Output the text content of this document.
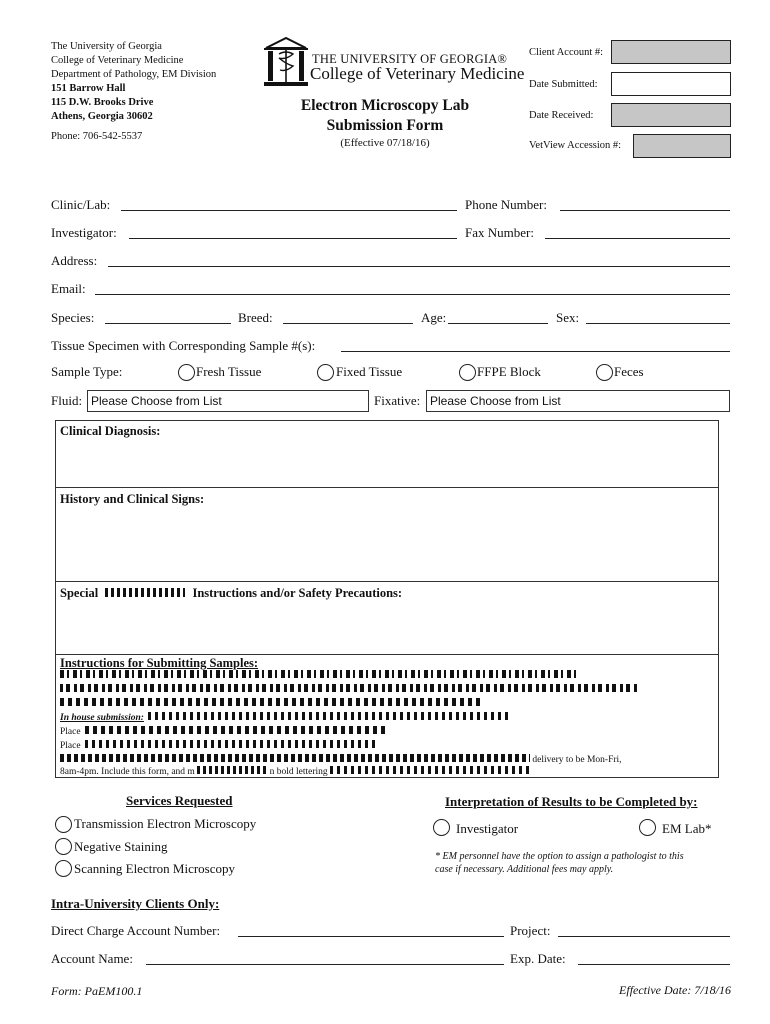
The University of Georgia
College of Veterinary Medicine
Department of Pathology, EM Division
151 Barrow Hall
115 D.W. Brooks Drive
Athens, Georgia 30602
Phone: 706-542-5537
THE UNIVERSITY OF GEORGIA®
College of Veterinary Medicine
Electron Microscopy Lab
Submission Form
(Effective 07/18/16)
Client Account #:
Date Submitted:
Date Received:
VetView Accession #:
Clinic/Lab:	Phone Number:
Investigator:	Fax Number:
Address:
Email:
Species:	Breed:	Age:	Sex:
Tissue Specimen with Corresponding Sample #(s):
Sample Type:	Fresh Tissue	Fixed Tissue	FFPE Block	Feces
Fluid: Please Choose from List	Fixative: Please Choose from List
Clinical Diagnosis:
History and Clinical Signs:
Special	Instructions and/or Safety Precautions:
Instructions for Submitting Samples:
In house submission:
Place
Place
delivery to be Mon-Fri,
8am-4pm. Include this form, and m	n bold lettering
Services Requested
Transmission Electron Microscopy
Negative Staining
Scanning Electron Microscopy
Interpretation of Results to be Completed by:
Investigator	EM Lab*
* EM personnel have the option to assign a pathologist to this
case if necessary. Additional fees may apply.
Intra-University Clients Only:
Direct Charge Account Number:	Project:
Account Name:	Exp. Date:
Form: PaEM100.1	Effective Date: 7/18/16
